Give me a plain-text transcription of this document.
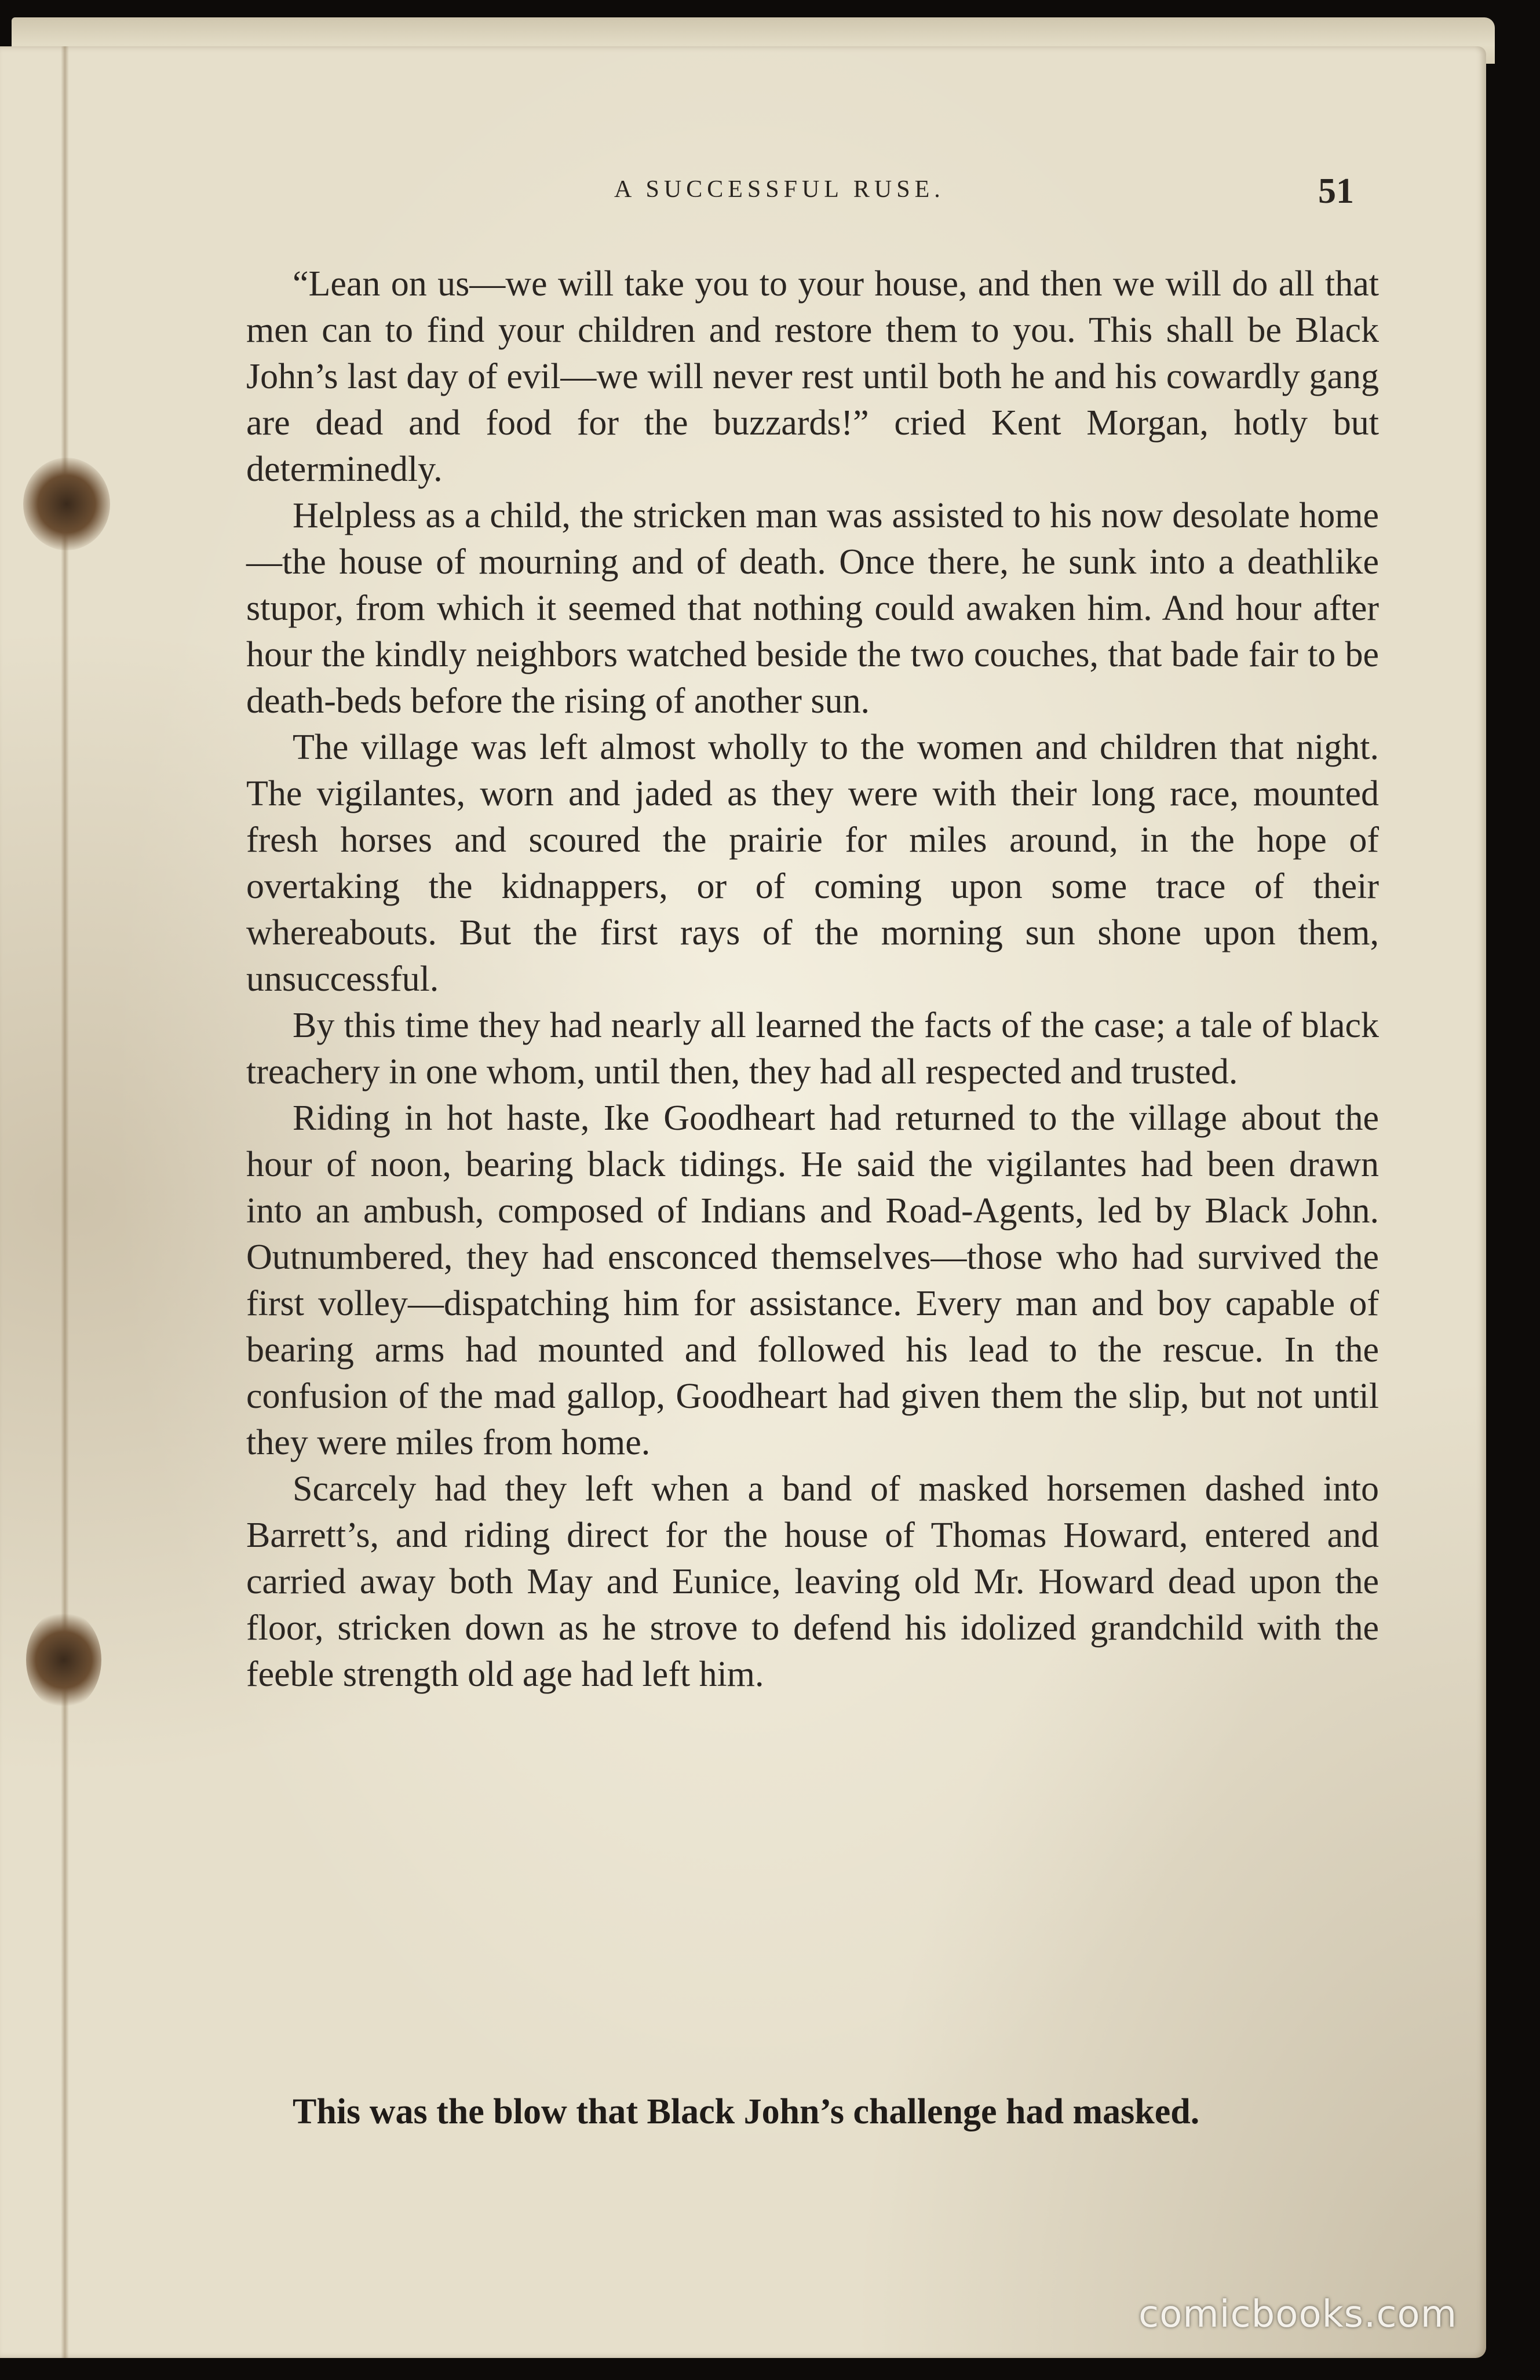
A SUCCESSFUL RUSE.	51

“Lean on us—we will take you to your house, and then we will do all that men can to find your children and restore them to you. This shall be Black John’s last day of evil—we will never rest until both he and his cowardly gang are dead and food for the buzzards!” cried Kent Morgan, hotly but determinedly.

Helpless as a child, the stricken man was assisted to his now desolate home—the house of mourning and of death. Once there, he sunk into a deathlike stupor, from which it seemed that nothing could awaken him. And hour after hour the kindly neighbors watched beside the two couches, that bade fair to be death-beds before the rising of another sun.

The village was left almost wholly to the women and children that night. The vigilantes, worn and jaded as they were with their long race, mounted fresh horses and scoured the prairie for miles around, in the hope of overtaking the kidnappers, or of coming upon some trace of their whereabouts. But the first rays of the morning sun shone upon them, unsuccessful.

By this time they had nearly all learned the facts of the case; a tale of black treachery in one whom, until then, they had all respected and trusted.

Riding in hot haste, Ike Goodheart had returned to the village about the hour of noon, bearing black tidings. He said the vigilantes had been drawn into an ambush, composed of Indians and Road-Agents, led by Black John. Outnumbered, they had ensconced themselves—those who had survived the first volley—dispatching him for assistance. Every man and boy capable of bearing arms had mounted and followed his lead to the rescue. In the confusion of the mad gallop, Goodheart had given them the slip, but not until they were miles from home.

Scarcely had they left when a band of masked horsemen dashed into Barrett’s, and riding direct for the house of Thomas Howard, entered and carried away both May and Eunice, leaving old Mr. Howard dead upon the floor, stricken down as he strove to defend his idolized grandchild with the feeble strength old age had left him.

This was the blow that Black John’s challenge had masked.
comicbooks.com
